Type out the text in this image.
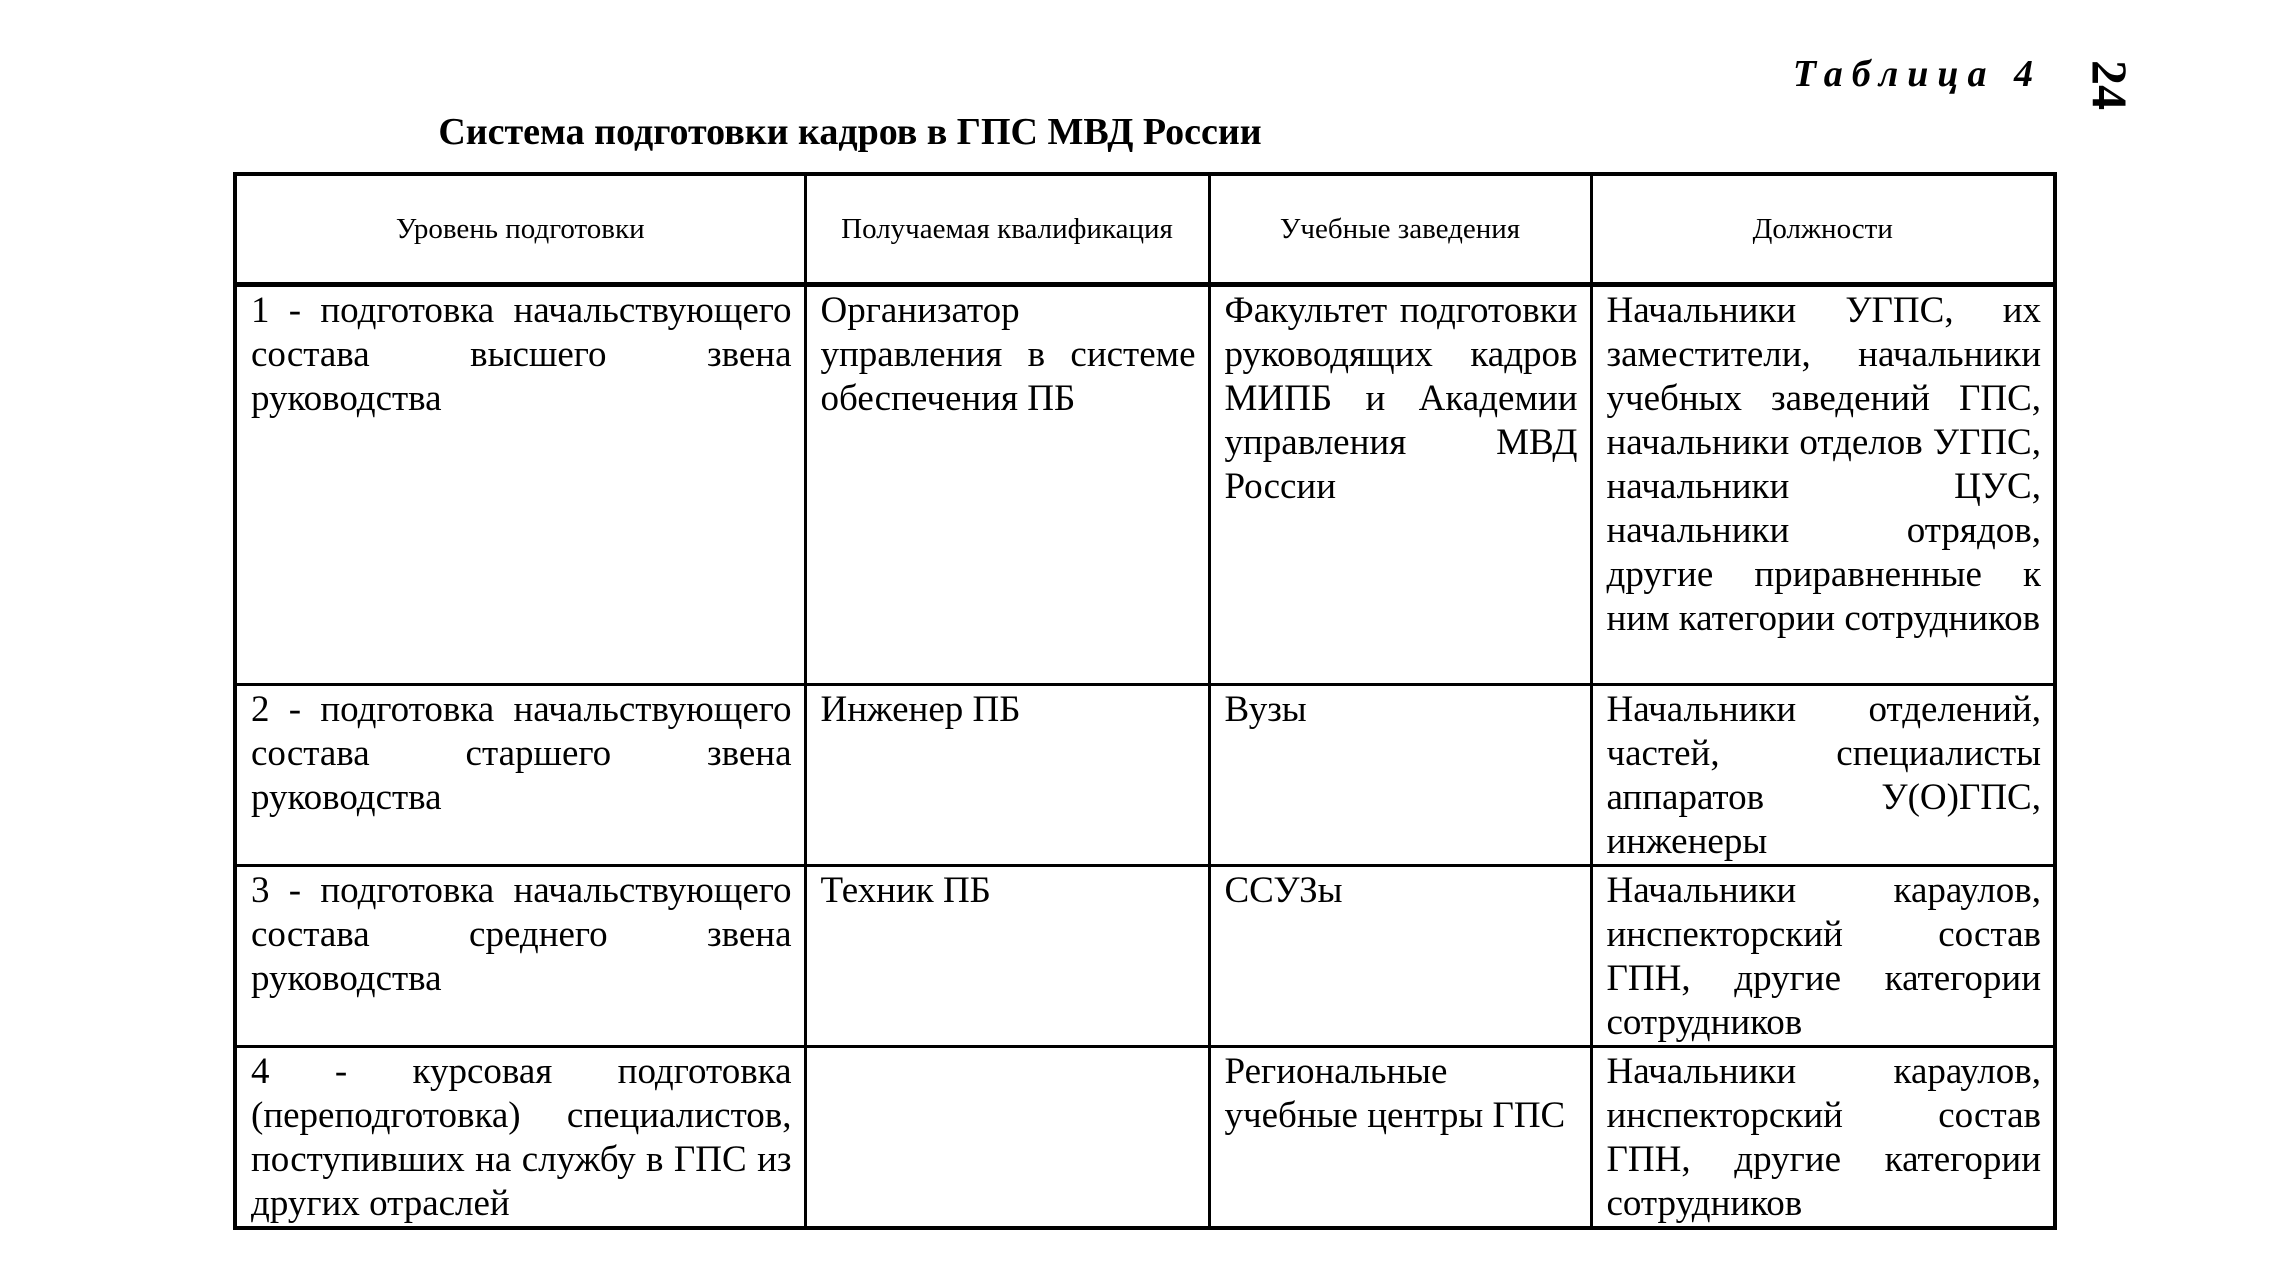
24
Таблица 4
Система подготовки кадров в ГПС МВД России
Уровень подготовки	Получаемая квалификация	Учебные заведения	Должности
1 - подготовка начальствующего состава высшего звена руководства	Организатор управления в системе обеспечения ПБ	Факультет подготовки руководящих кадров МИПБ и Академии управления МВД России	Начальники УГПС, их заместители, начальники учебных заведений ГПС, начальники отделов УГПС, начальники ЦУС, начальники отрядов, другие приравненные к ним категории сотрудников
2 - подготовка начальствующего состава старшего звена руководства	Инженер ПБ	Вузы	Начальники отделений, частей, специалисты аппаратов У(О)ГПС, инженеры
3 - подготовка начальствующего состава среднего звена руководства	Техник ПБ	ССУЗы	Начальники караулов, инспекторский состав ГПН, другие категории сотрудников
4 - курсовая подготовка (переподготовка) специалистов, поступивших на службу в ГПС из других отраслей		Региональные учебные центры ГПС	Начальники караулов, инспекторский состав ГПН, другие категории сотрудников
